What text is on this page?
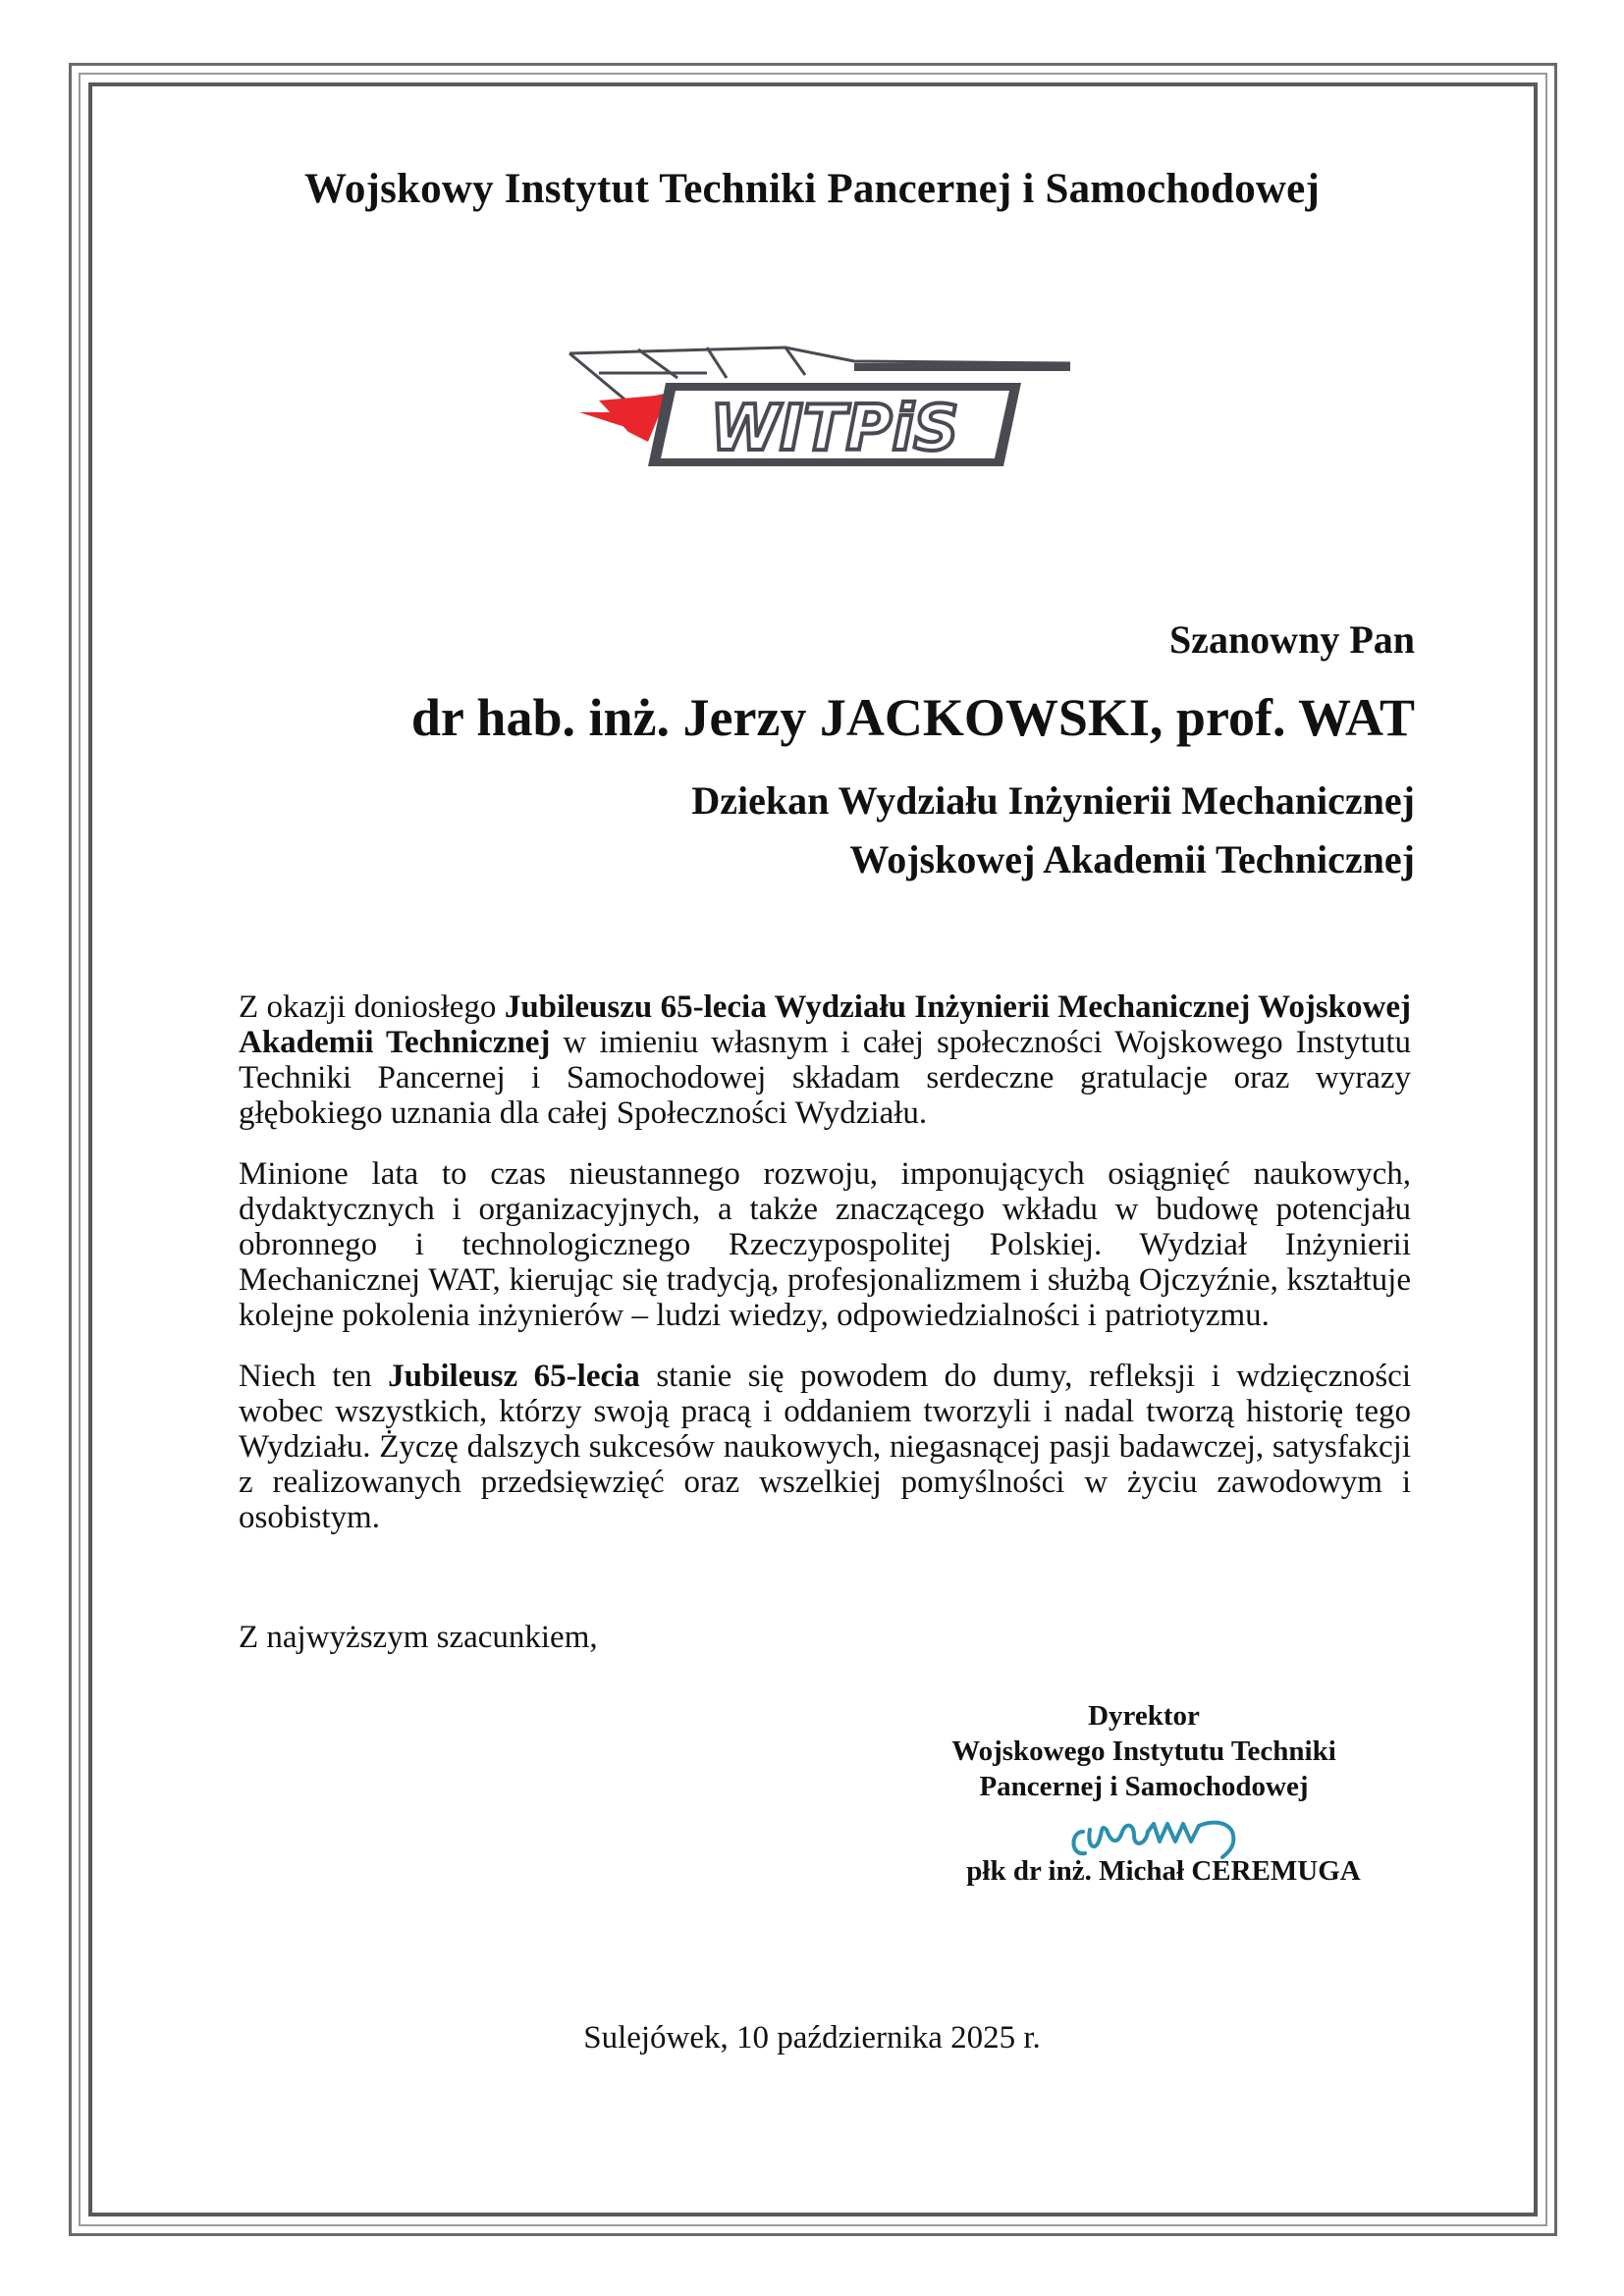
Wojskowy Instytut Techniki Pancernej i Samochodowej
WITPiS
Szanowny Pan
dr hab. inż. Jerzy JACKOWSKI, prof. WAT
Dziekan Wydziału Inżynierii Mechanicznej
Wojskowej Akademii Technicznej

Z okazji doniosłego Jubileuszu 65-lecia Wydziału Inżynierii Mechanicznej Wojskowej Akademii Technicznej w imieniu własnym i całej społeczności Wojskowego Instytutu Techniki Pancernej i Samochodowej składam serdeczne gratulacje oraz wyrazy głębokiego uznania dla całej Społeczności Wydziału.

Minione lata to czas nieustannego rozwoju, imponujących osiągnięć naukowych, dydaktycznych i organizacyjnych, a także znaczącego wkładu w budowę potencjału obronnego i technologicznego Rzeczypospolitej Polskiej. Wydział Inżynierii Mechanicznej WAT, kierując się tradycją, profesjonalizmem i służbą Ojczyźnie, kształtuje kolejne pokolenia inżynierów – ludzi wiedzy, odpowiedzialności i patriotyzmu.

Niech ten Jubileusz 65-lecia stanie się powodem do dumy, refleksji i wdzięczności wobec wszystkich, którzy swoją pracą i oddaniem tworzyli i nadal tworzą historię tego Wydziału. Życzę dalszych sukcesów naukowych, niegasnącej pasji badawczej, satysfakcji z realizowanych przedsięwzięć oraz wszelkiej pomyślności w życiu zawodowym i osobistym.

Z najwyższym szacunkiem,
Dyrektor
Wojskowego Instytutu Techniki
Pancernej i Samochodowej
płk dr inż. Michał CEREMUGA
Sulejówek, 10 października 2025 r.
